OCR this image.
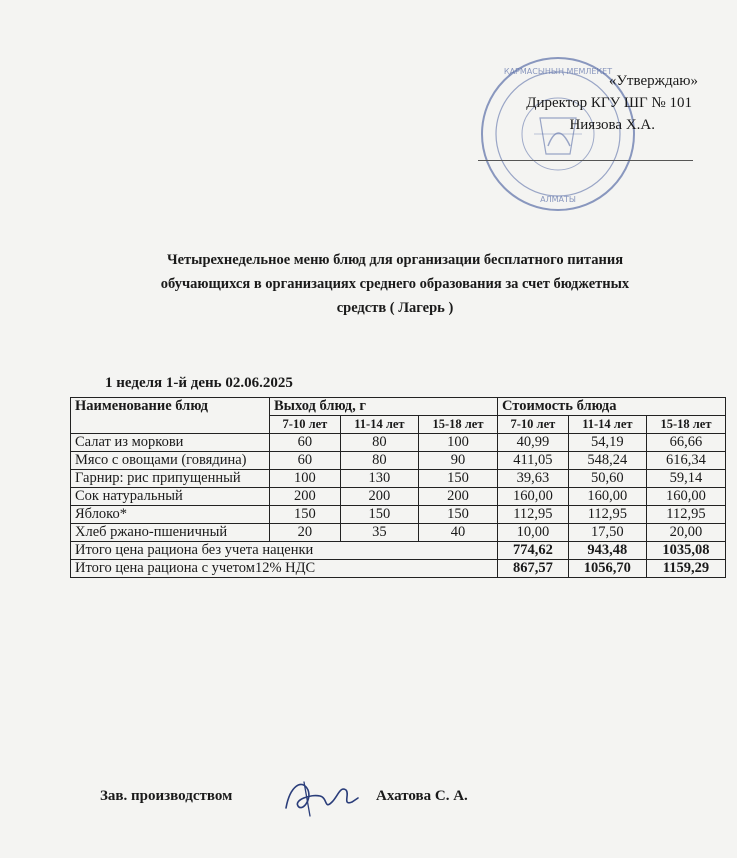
ҚАРМАСЫНЫҢ МЕМЛЕКЕТ
АЛМАТЫ
«Утверждаю»
Директор КГУ ШГ № 101
Ниязова Х.А.
Четырехнедельное меню блюд для организации бесплатного питания
обучающихся в организациях среднего образования за счет бюджетных
средств ( Лагерь )
1 неделя 1-й день 02.06.2025
Наименование блюд	Выход блюд, г			Стоимость блюда		
	7-10 лет	11-14 лет	15-18 лет	7-10 лет	11-14 лет	15-18 лет
Салат из моркови	60	80	100	40,99	54,19	66,66
Мясо с овощами (говядина)	60	80	90	411,05	548,24	616,34
Гарнир: рис припущенный	100	130	150	39,63	50,60	59,14
Сок натуральный	200	200	200	160,00	160,00	160,00
Яблоко*	150	150	150	112,95	112,95	112,95
Хлеб ржано-пшеничный	20	35	40	10,00	17,50	20,00
Итого цена рациона без учета наценки				774,62	943,48	1035,08
Итого цена рациона с учетом12% НДС				867,57	1056,70	1159,29
Зав. производством	Ахатова С. А.
